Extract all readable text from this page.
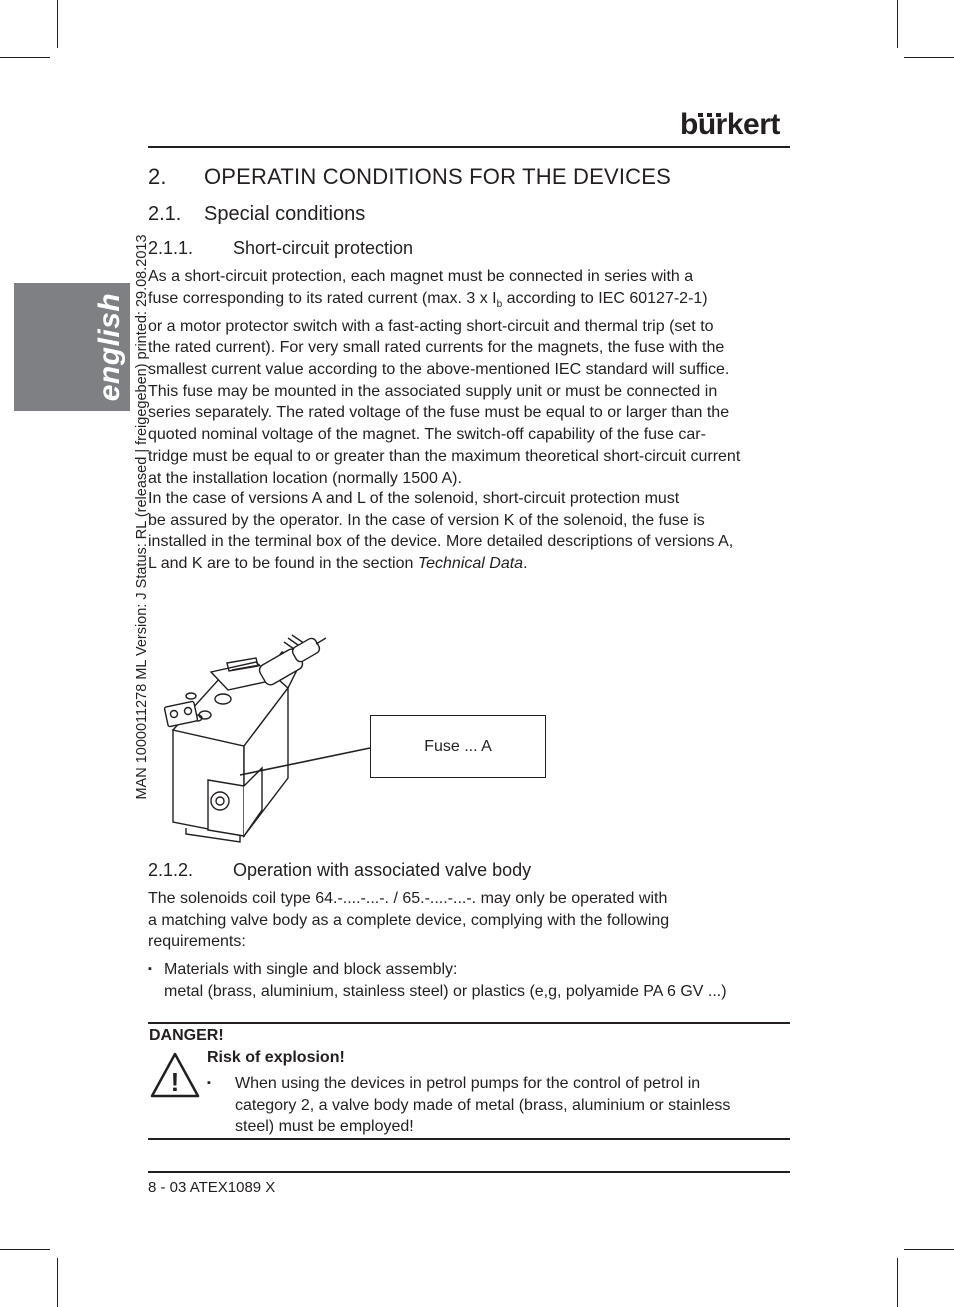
english MAN 1000011278 ML Version: J Status: RL (released | freigegeben) printed: 29.08.2013
burkert
2. OPERATIN CONDITIONS FOR THE DEVICES
2.1. Special conditions
2.1.1. Short-circuit protection
As a short-circuit protection, each magnet must be connected in series with a
fuse corresponding to its rated current (max. 3 x $I_b$ according to IEC 60127-2-1)
or a motor protector switch with a fast-acting short-circuit and thermal trip (set to
the rated current). For very small rated currents for the magnets, the fuse with the
smallest current value according to the above-mentioned IEC standard will suffice.
This fuse may be mounted in the associated supply unit or must be connected in
series separately. The rated voltage of the fuse must be equal to or larger than the
quoted nominal voltage of the magnet. The switch-off capability of the fuse car-
tridge must be equal to or greater than the maximum theoretical short-circuit current
at the installation location (normally 1500 A).
In the case of versions A and L of the solenoid, short-circuit protection must
be assured by the operator. In the case of version K of the solenoid, the fuse is
installed in the terminal box of the device. More detailed descriptions of versions A,
L and K are to be found in the section Technical Data.
Fuse ... A
2.1.2. Operation with associated valve body
The solenoids coil type 64.-....-...-. / 65.-....-...-. may only be operated with
a matching valve body as a complete device, complying with the following
requirements:
▪ Materials with single and block assembly:
metal (brass, aluminium, stainless steel) or plastics (e,g, polyamide PA 6 GV ...)
DANGER!
!
Risk of explosion!
▪ When using the devices in petrol pumps for the control of petrol in
category 2, a valve body made of metal (brass, aluminium or stainless
steel) must be employed!
8 - 03 ATEX1089 X
